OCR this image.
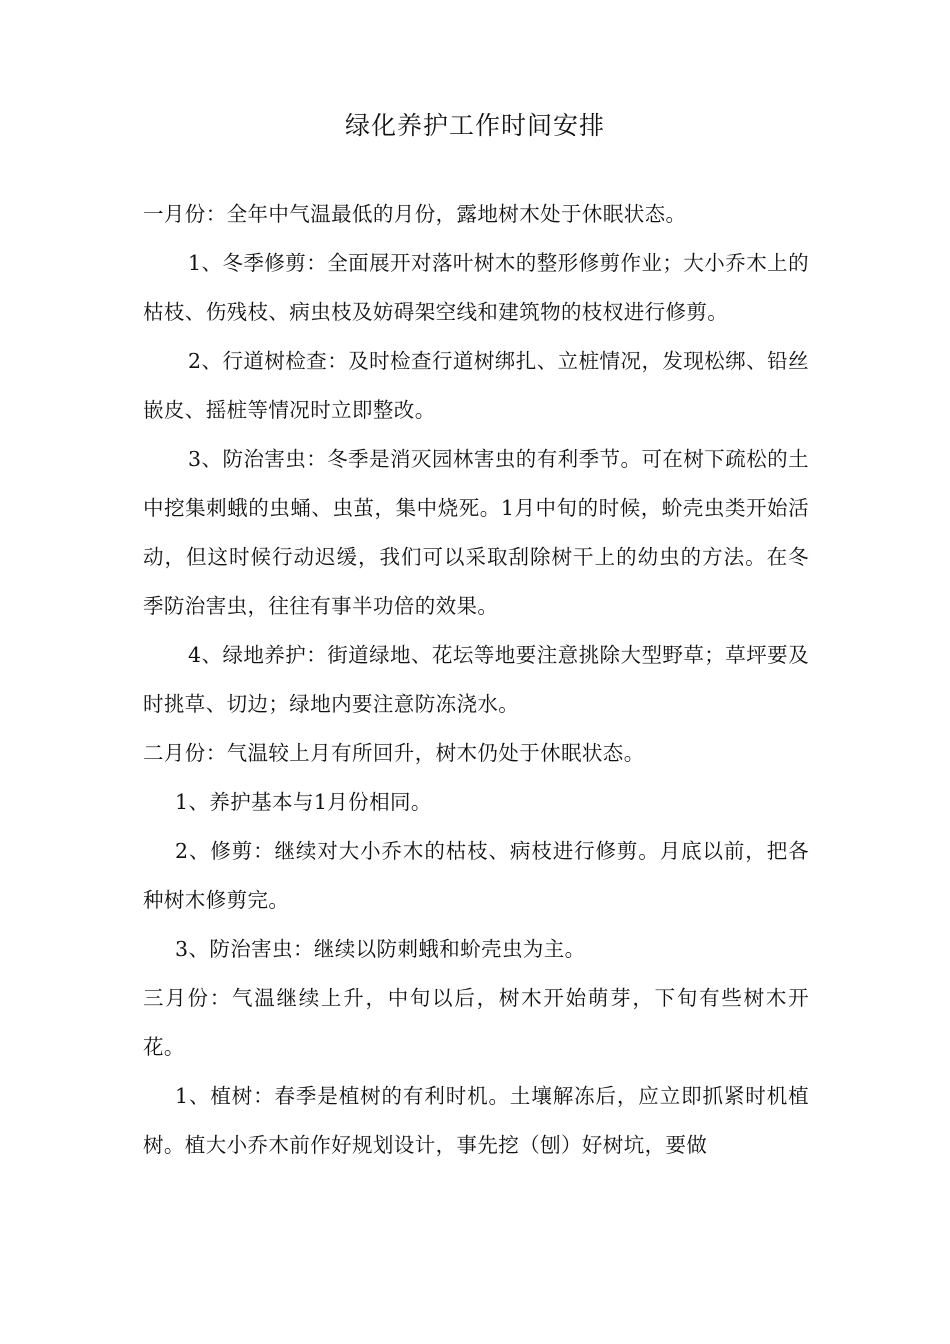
绿化养护工作时间安排

一月份：全年中气温最低的月份，露地树木处于休眠状态。

1、冬季修剪：全面展开对落叶树木的整形修剪作业；大小乔木上的枯枝、伤残枝、病虫枝及妨碍架空线和建筑物的枝杈进行修剪。

2、行道树检查：及时检查行道树绑扎、立桩情况，发现松绑、铅丝嵌皮、摇桩等情况时立即整改。

3、防治害虫：冬季是消灭园林害虫的有利季节。可在树下疏松的土中挖集刺蛾的虫蛹、虫茧，集中烧死。1月中旬的时候，蚧壳虫类开始活动，但这时候行动迟缓，我们可以采取刮除树干上的幼虫的方法。在冬季防治害虫，往往有事半功倍的效果。

4、绿地养护：街道绿地、花坛等地要注意挑除大型野草；草坪要及时挑草、切边；绿地内要注意防冻浇水。

二月份：气温较上月有所回升，树木仍处于休眠状态。

1、养护基本与1月份相同。

2、修剪：继续对大小乔木的枯枝、病枝进行修剪。月底以前，把各种树木修剪完。

3、防治害虫：继续以防刺蛾和蚧壳虫为主。

三月份：气温继续上升，中旬以后，树木开始萌芽，下旬有些树木开花。

1、植树：春季是植树的有利时机。土壤解冻后，应立即抓紧时机植树。植大小乔木前作好规划设计，事先挖（刨）好树坑，要做
